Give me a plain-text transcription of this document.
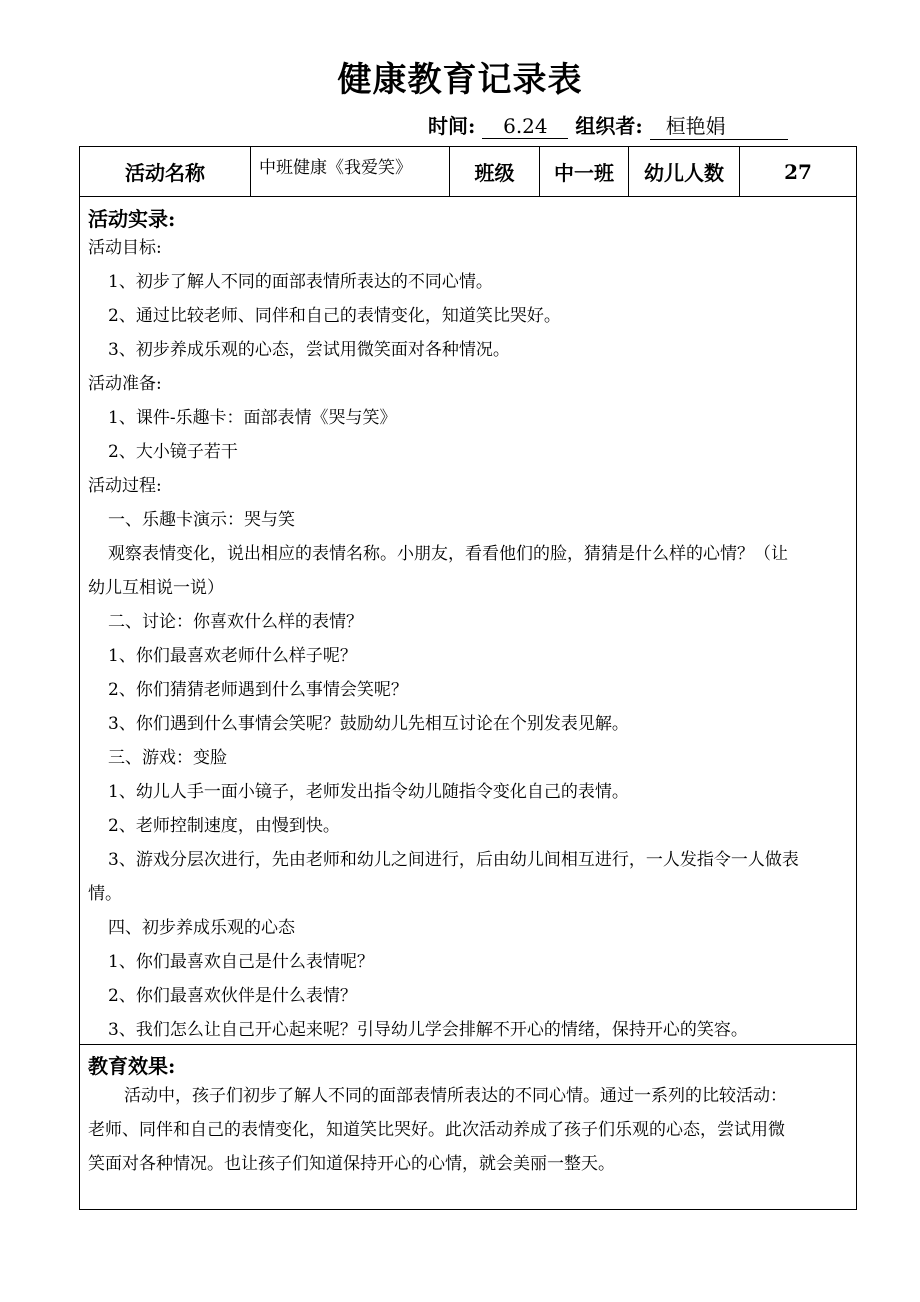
健康教育记录表
时间: 6.24 组织者: 桓艳娟
活动名称	中班健康《我爱笑》	班级	中一班	幼儿人数	27
活动实录:
活动目标:
1、初步了解人不同的面部表情所表达的不同心情。
2、通过比较老师、同伴和自己的表情变化，知道笑比哭好。
3、初步养成乐观的心态，尝试用微笑面对各种情况。
活动准备:
1、课件-乐趣卡：面部表情《哭与笑》
2、大小镜子若干
活动过程:
一、乐趣卡演示：哭与笑
观察表情变化，说出相应的表情名称。小朋友，看看他们的脸，猜猜是什么样的心情？（让
幼儿互相说一说）
二、讨论：你喜欢什么样的表情？
1、你们最喜欢老师什么样子呢？
2、你们猜猜老师遇到什么事情会笑呢？
3、你们遇到什么事情会笑呢？鼓励幼儿先相互讨论在个别发表见解。
三、游戏：变脸
1、幼儿人手一面小镜子，老师发出指令幼儿随指令变化自己的表情。
2、老师控制速度，由慢到快。
3、游戏分层次进行，先由老师和幼儿之间进行，后由幼儿间相互进行，一人发指令一人做表
情。
四、初步养成乐观的心态
1、你们最喜欢自己是什么表情呢？
2、你们最喜欢伙伴是什么表情？
3、我们怎么让自己开心起来呢？引导幼儿学会排解不开心的情绪，保持开心的笑容。
教育效果:
活动中，孩子们初步了解人不同的面部表情所表达的不同心情。通过一系列的比较活动：
老师、同伴和自己的表情变化，知道笑比哭好。此次活动养成了孩子们乐观的心态，尝试用微
笑面对各种情况。也让孩子们知道保持开心的心情，就会美丽一整天。
